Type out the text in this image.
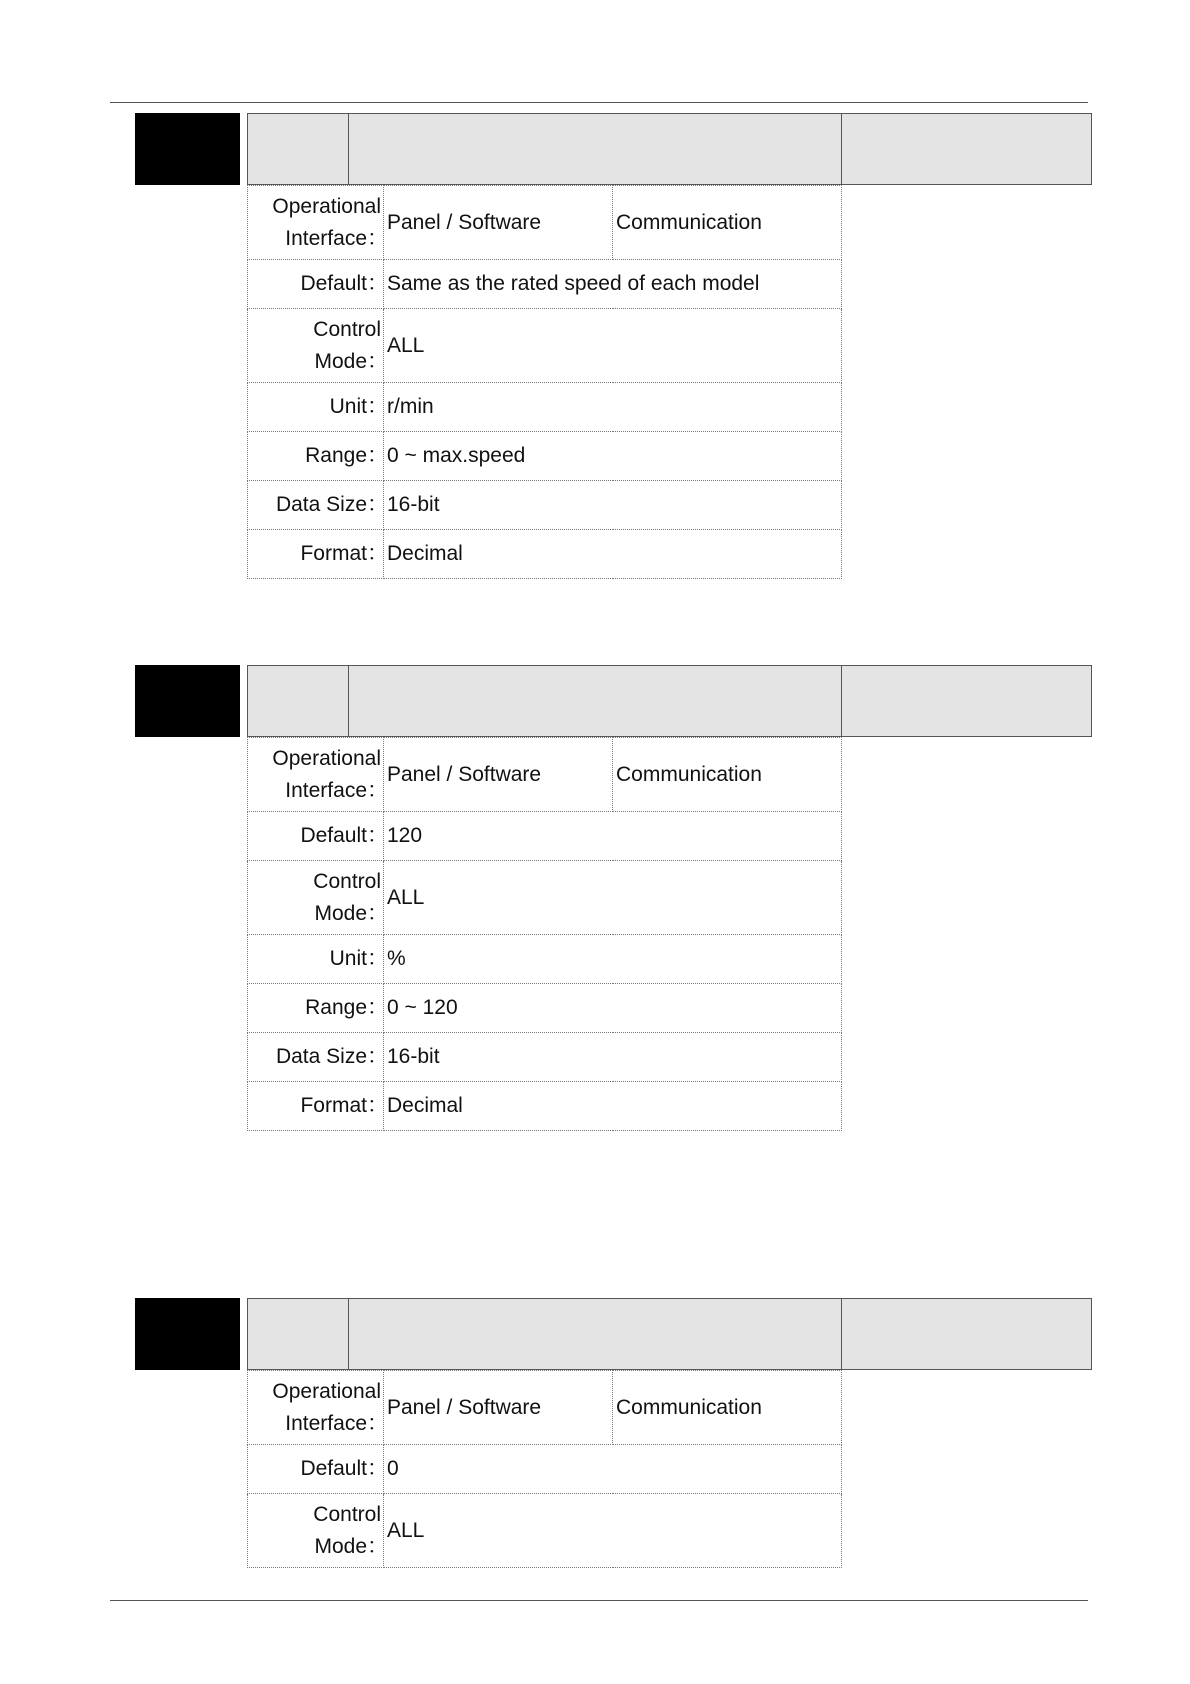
Operational
Interface：	Panel / Software	Communication
Default：	Same as the rated speed of each model	
Control
Mode：	ALL	
Unit：	r/min	
Range：	0 ~ max.speed	
Data Size：	16-bit	
Format：	Decimal	
Operational
Interface：	Panel / Software	Communication
Default：	120	
Control
Mode：	ALL	
Unit：	%	
Range：	0 ~ 120	
Data Size：	16-bit	
Format：	Decimal	
Operational
Interface：	Panel / Software	Communication
Default：	0	
Control
Mode：	ALL	
